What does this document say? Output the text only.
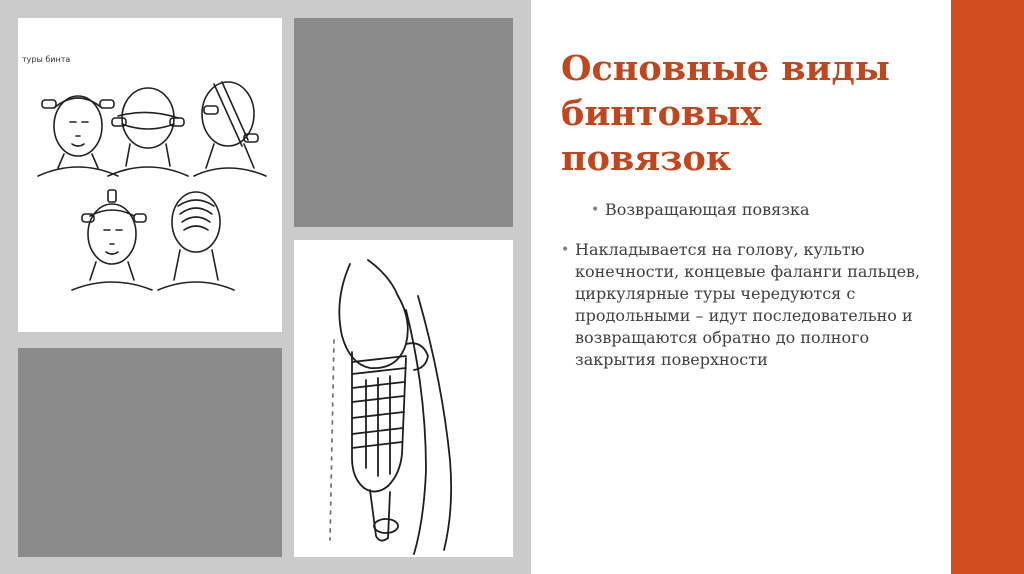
туры бинта	Основные виды бинтовых повязок
• Возвращающая повязка
• Накладывается на голову, культю конечности, концевые фаланги пальцев, циркулярные туры чередуются с продольными – идут последовательно и возвращаются обратно до полного закрытия поверхности
